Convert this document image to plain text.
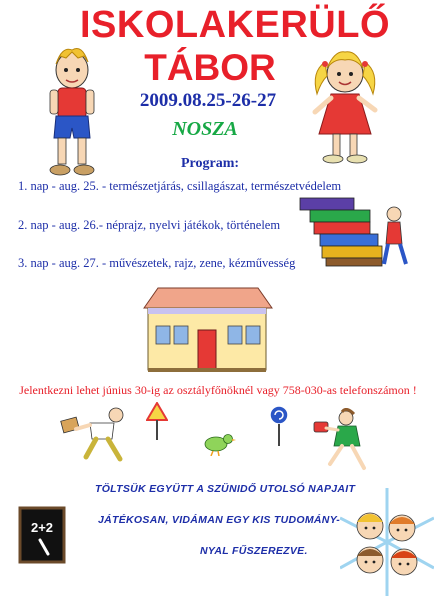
ISKOLAKERÜLŐ
TÁBOR
2009.08.25-26-27
NOSZA
Program:
1. nap - aug. 25. - természetjárás, csillagászat, természetvédelem
2. nap - aug. 26.- néprajz, nyelvi játékok, történelem
3. nap - aug. 27. - művészetek, rajz, zene, kézművesség
Jelentkezni lehet június 30-ig az osztályfőnöknél vagy 758-030-as telefonszámon !
TÖLTSÜK EGYÜTT A SZÜNIDŐ UTOLSÓ NAPJAIT
JÁTÉKOSAN, VIDÁMAN EGY KIS TUDOMÁNY-
NYAL FŰSZEREZVE.
2+2
